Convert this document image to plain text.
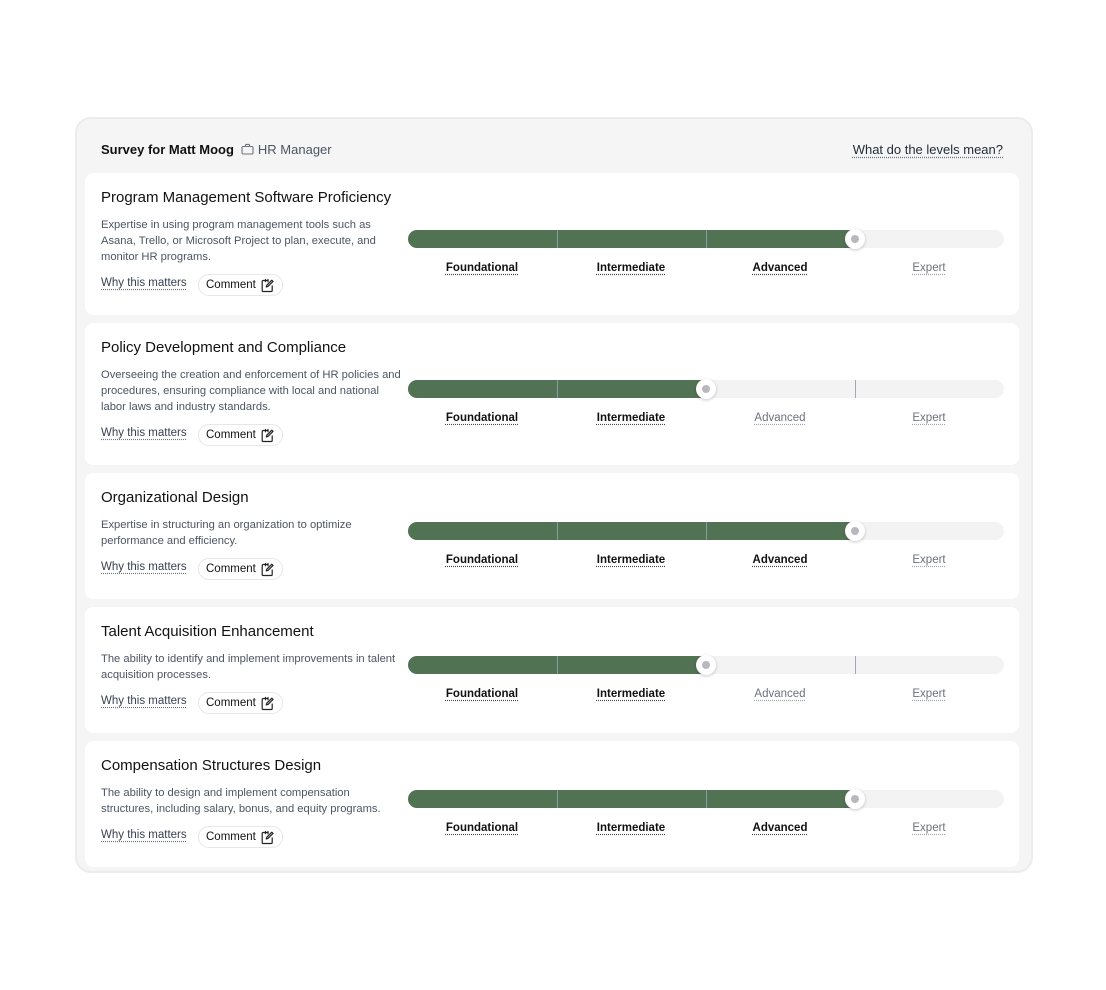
Survey for Matt Moog HR Manager	What do the levels mean?
Program Management Software Proficiency
Expertise in using program management tools such as Asana, Trello, or Microsoft Project to plan, execute, and monitor HR programs.
Why this matters Comment
Foundational	Intermediate	Advanced	Expert
Policy Development and Compliance
Overseeing the creation and enforcement of HR policies and procedures, ensuring compliance with local and national labor laws and industry standards.
Why this matters Comment
Foundational	Intermediate	Advanced	Expert
Organizational Design
Expertise in structuring an organization to optimize performance and efficiency.
Why this matters Comment
Foundational	Intermediate	Advanced	Expert
Talent Acquisition Enhancement
The ability to identify and implement improvements in talent acquisition processes.
Why this matters Comment
Foundational	Intermediate	Advanced	Expert
Compensation Structures Design
The ability to design and implement compensation structures, including salary, bonus, and equity programs.
Why this matters Comment
Foundational	Intermediate	Advanced	Expert
